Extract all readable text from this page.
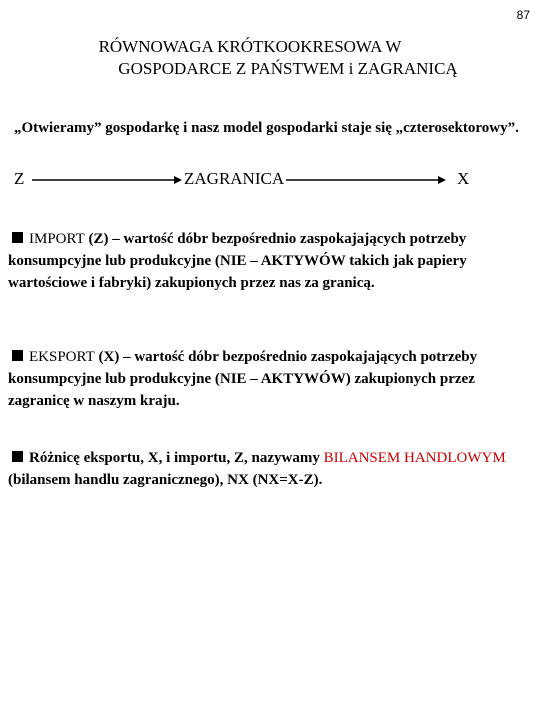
87
RÓWNOWAGA KRÓTKOOKRESOWA W
GOSPODARCE Z PAŃSTWEM i ZAGRANICĄ
„Otwieramy” gospodarkę i nasz model gospodarki staje się „czterosektorowy”.
Z	ZAGRANICA	X
IMPORT (Z) – wartość dóbr bezpośrednio zaspokajających potrzeby konsumpcyjne lub produkcyjne (NIE – AKTYWÓW takich jak papiery wartościowe i fabryki) zakupionych przez nas za granicą.
EKSPORT (X) – wartość dóbr bezpośrednio zaspokajających potrzeby konsumpcyjne lub produkcyjne (NIE – AKTYWÓW) zakupionych przez zagranicę w naszym kraju.
Różnicę eksportu, X, i importu, Z, nazywamy BILANSEM HANDLOWYM (bilansem handlu zagranicznego), NX (NX=X-Z).
